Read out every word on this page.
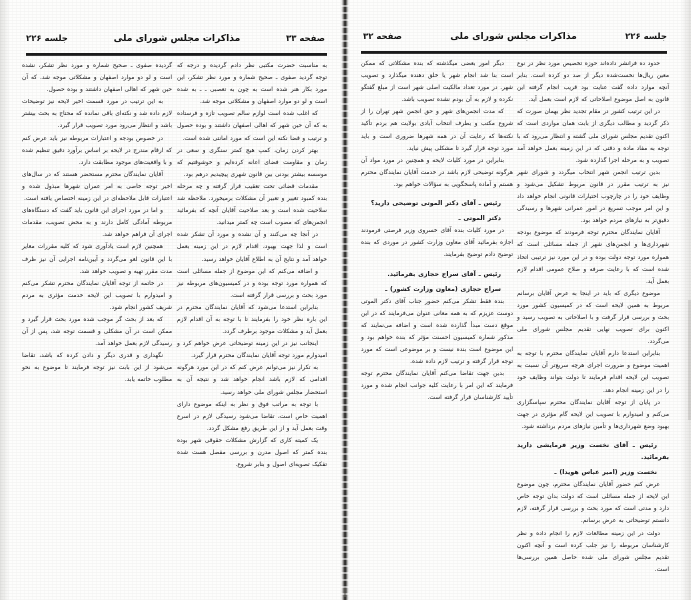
جلسه ۲۲۶
مذاکرات مجلس شورای ملی
صفحه ۳۲

حدود ده فرانشر داده‌اند حوزه تخصیص مورد نظر در نوع معین ریال‌ها نخست‌شده دیگر از صد دو کرده است. بنابر آنچه موارد داده گفت عنایت بود قریب انجام گرفته این قانون به اصل موضوع اصلاحاتی که لازم است بعمل آید.

در این ترتیب کشور در مقام تجدید نظر بهمان صورت که ذکر گردید و مطالب دیگری از بابت همان مواردی است که اکنون تقدیم مجلس شورای ملی گشته و انتظار می‌رود که با توجه به مفاد ماده و دقتی که در این زمینه بعمل خواهد آمد تصویب و به مرحله اجرا گذارده شود.

بدین ترتیب انجمن شهر انتخاب میگردد و شورای شهر نیز به ترتیب مقرر در قانون مربوط تشکیل می‌شود و وظایف خود را در چارچوب اختیارات قانونی انجام خواهد داد و این امر موجب تسریع در امور عمرانی شهرها و رسیدگی دقیق‌تر به نیازهای مردم خواهد بود.

آقایان نمایندگان محترم توجه فرمودند که موضوع بودجه شهرداری‌ها و انجمن‌های شهر از جمله مسائلی است که همواره مورد توجه دولت بوده و در این مورد نیز ترتیبی اتخاذ شده است که با رعایت صرفه و صلاح عمومی اقدام لازم بعمل آید.

موضوع دیگری که باید در اینجا به عرض آقایان برسانم مربوط به همین لایحه است که در کمیسیون کشور مورد بحث و بررسی قرار گرفت و با اصلاحاتی به تصویب رسید و اکنون برای تصویب نهایی تقدیم مجلس شورای ملی می‌گردد.

بنابراین استدعا دارم آقایان نمایندگان محترم با توجه به اهمیت موضوع و ضرورت اجرای هرچه سریع‌تر آن نسبت به تصویب این لایحه اقدام فرمایند تا دولت بتواند وظایف خود را در این زمینه انجام دهد.

در پایان از توجه آقایان نمایندگان محترم سپاسگزاری می‌کنم و امیدوارم با تصویب این لایحه گام مؤثری در جهت بهبود وضع شهرداری‌ها و تأمین نیازهای مردم برداشته شود.

رئیس ـ آقای نخست وزیر فرمایشی دارید بفرمائید.

نخست وزیر (امیر عباس هویدا) ـ

عرض کنم حضور آقایان نمایندگان محترم، چون موضوع این لایحه از جمله مسائلی است که دولت بدان توجه خاص دارد و مدتی است که مورد بحث و بررسی قرار گرفته، لازم دانستم توضیحاتی به عرض برسانم.

دولت در این زمینه مطالعات لازم را انجام داده و نظر کارشناسان مربوطه را نیز جلب کرده است و آنچه اکنون تقدیم مجلس شورای ملی شده حاصل همین بررسی‌ها است.

دیگر امور بعضی میگذشته که بنده مشکلاتی که ممکن است بنا شد انجام شهر یا خلق دهنده میگذارد و تصویب شهر. در مورد تعداد مالکیت اصلی شهر است از مبلغ گفتگو نکرده و لازم به آن بودم نشده تصویب باشد.

که مدت انجمن‌های شهر و حق انجمن شهر تهران را از شروع مکتب و بطرف انتخاب آبادی بولایت هم بردم تأکید نکته‌ها که رعایت آن در همه شهرها ضروری است و باید مورد توجه قرار گیرد تا مشکلی پیش نیاید.

بنابراین در مورد کلیات لایحه و همچنین در مورد مواد آن هرگونه توضیحی لازم باشد در خدمت آقایان نمایندگان محترم هستم و آماده پاسخگویی به سؤالات خواهم بود.

رئیس ـ آقای دکتر الموتی توضیحی دارید؟

دکتر الموتی ـ

در مورد کلیات بنده آقای خسروی وزیر فرصتی فرمودند اجازه بفرمائید آقای معاون وزارت کشور در موردی که بنده توضیح دادم توضیح بفرمایند.

رئیس ـ آقای سراج حجازی بفرمائید.

سراج حجازی (معاون وزارت کشور) ـ

بنده فقط تشکر می‌کنم حضور جناب آقای دکتر الموتی دوست عزیزم که به همه معانی عنوان می‌فرمایند که در این موقع دست مبدأ گذارده شده است و اضافه می‌نمایند که مذکور شماره کمیسیون احسنت مؤثر که بنده خواهم بود و این موضوع است بنده نیست و بر موضوعی است که مورد توجه قرار گرفته و ترتیب لازم داده شده.

بدین جهت تقاضا می‌کنم آقایان نمایندگان محترم توجه فرمایند که این امر با رعایت کلیه جوانب انجام شده و مورد تأیید کارشناسان قرار گرفته است.

صفحه ۳۳
مذاکرات مجلس شورای ملی
جلسه ۲۲۶

به مناسبت حضرت مکتبی نظر دادم گردیده و درجه که توجه گردید صفوی ـ صحیح شماره و مورد نظر تشکر، این مورد بکار هنر شده است به چون به تعصبی ـ ـ به شده است و لو دو موارد اصفهان و مشکلاتی موجه شد.

که اغلب شده است لوازم سالم تصویب تازه و فرستاده به که آن حین شهر که اهالی اصفهان داشتند و بوده حصول و ترتیب و قضا نکته این است که مورد امانتی شده است.

بهتر کردن زمان، کمپ هیچ کمتر سنگری و سعی در زمان و مقاومت فضای اعانه کرده‌ایم و خوشوقتیم که موسسه بیشتر بودنی بین قانون شهری پیچیدیم درهم بود.

مقدمات قضائی تحت تعقیب قرار گرفته و چه مرحله بنده کمبود تغییر و تعبیر آن مشکلات برمیخورد. ملاحظه شد سلاحیت شده است و بعد صلاحیت آقایان آنچه که بفرمائید انجمن‌های که مصوب است چه کمتر میدانید.

در آنجا چه می‌کنند و آن نشده و مورد آن تشکر شده است و لذا جهت بهبود، اقدام لازم در این زمینه بعمل خواهد آمد و نتایج آن به اطلاع آقایان خواهد رسید.

و اضافه می‌کنم که این موضوع از جمله مسائلی است که همواره مورد توجه بوده و در کمیسیون‌های مربوطه نیز مورد بحث و بررسی قرار گرفته است.

بنابراین استدعا می‌شود که آقایان نمایندگان محترم در این باره نظر خود را بفرمایند تا با توجه به آن اقدام لازم بعمل آید و مشکلات موجود برطرف گردد.

اینجانب نیز در این زمینه توضیحاتی عرض خواهم کرد و امیدوارم مورد توجه آقایان نمایندگان محترم قرار گیرد.

به تکرار نیز می‌توانم عرض کنم که در این مورد هرگونه اقدامی که لازم باشد انجام خواهد شد و نتیجه آن به استحضار مجلس شورای ملی خواهد رسید.

با توجه به مراتب فوق و نظر به اینکه موضوع دارای اهمیت خاص است، تقاضا می‌شود رسیدگی لازم در اسرع وقت بعمل آید و از این طریق رفع مشکل گردد.

یک کمیته کاری که گزارش مشکلات حقوقی شهر بوده بنده کمتر که اصول مدرن و بررسی مفصل هست شده تفکیک تصویه‌ای اصول و بنابر شروع.

گردیده صفوی ـ صحیح شماره و مورد نظر تشکر، نشده است و لو دو موارد اصفهان و مشکلاتی موجه شد. که آن حین شهر که اهالی اصفهان داشتند و بوده حصول.

به این ترتیب در مورد قسمت اخیر لایحه نیز توضیحات لازم داده شد و نکته‌ای باقی نمانده که محتاج به بحث بیشتر باشد و انتظار می‌رود مورد تصویب قرار گیرد.

در خصوص بودجه و اعتبارات مربوطه نیز باید عرض کنم که ارقام مندرج در لایحه بر اساس برآورد دقیق تنظیم شده و با واقعیت‌های موجود مطابقت دارد.

آقایان نمایندگان محترم مستحضر هستند که در سال‌های اخیر توجه خاصی به امر عمران شهرها مبذول شده و اعتبارات قابل ملاحظه‌ای در این زمینه اختصاص یافته است.

و اما در مورد اجرای این قانون باید گفت که دستگاه‌های مربوطه آمادگی کامل دارند و به محض تصویب، مقدمات اجرای آن فراهم خواهد شد.

همچنین لازم است یادآوری شود که کلیه مقررات مغایر با این قانون لغو می‌گردد و آیین‌نامه اجرایی آن نیز ظرف مدت مقرر تهیه و تصویب خواهد شد.

در خاتمه از توجه آقایان نمایندگان محترم تشکر می‌کنم و امیدوارم با تصویب این لایحه خدمت مؤثری به مردم شریف کشور انجام شود.

که بعد از بحث گر موجب شده مورد بحث قرار گیرد و ممکن است در آن مشکلی و قسمت توجه شد، پس از آن رسیدگی لازم بعمل خواهد آمد.

نگهداری و قدری دیگر و دادن کرده که باشد، تقاضا می‌شود از این بابت نیز توجه فرمایند تا موضوع به نحو مطلوب خاتمه یابد.
